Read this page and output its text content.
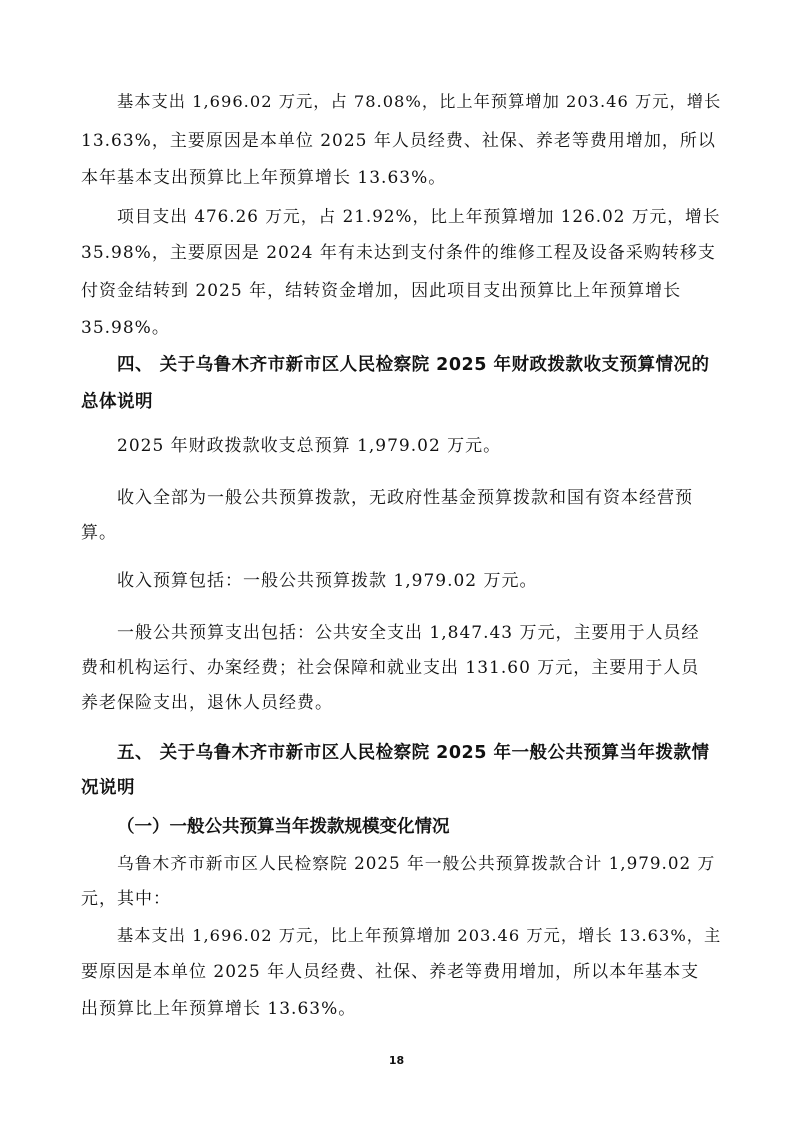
基本支出 1,696.02 万元，占 78.08%，比上年预算增加 203.46 万元，增长
13.63%，主要原因是本单位 2025 年人员经费、社保、养老等费用增加，所以
本年基本支出预算比上年预算增长 13.63%。
项目支出 476.26 万元，占 21.92%，比上年预算增加 126.02 万元，增长
35.98%，主要原因是 2024 年有未达到支付条件的维修工程及设备采购转移支
付资金结转到 2025 年，结转资金增加，因此项目支出预算比上年预算增长
35.98%。
四、 关于乌鲁木齐市新市区人民检察院 2025 年财政拨款收支预算情况的
总体说明
2025 年财政拨款收支总预算 1,979.02 万元。
收入全部为一般公共预算拨款，无政府性基金预算拨款和国有资本经营预
算。
收入预算包括：一般公共预算拨款 1,979.02 万元。
一般公共预算支出包括：公共安全支出 1,847.43 万元，主要用于人员经
费和机构运行、办案经费；社会保障和就业支出 131.60 万元，主要用于人员
养老保险支出，退休人员经费。
五、 关于乌鲁木齐市新市区人民检察院 2025 年一般公共预算当年拨款情
况说明
（一）一般公共预算当年拨款规模变化情况
乌鲁木齐市新市区人民检察院 2025 年一般公共预算拨款合计 1,979.02 万
元，其中：
基本支出 1,696.02 万元，比上年预算增加 203.46 万元，增长 13.63%，主
要原因是本单位 2025 年人员经费、社保、养老等费用增加，所以本年基本支
出预算比上年预算增长 13.63%。
18
